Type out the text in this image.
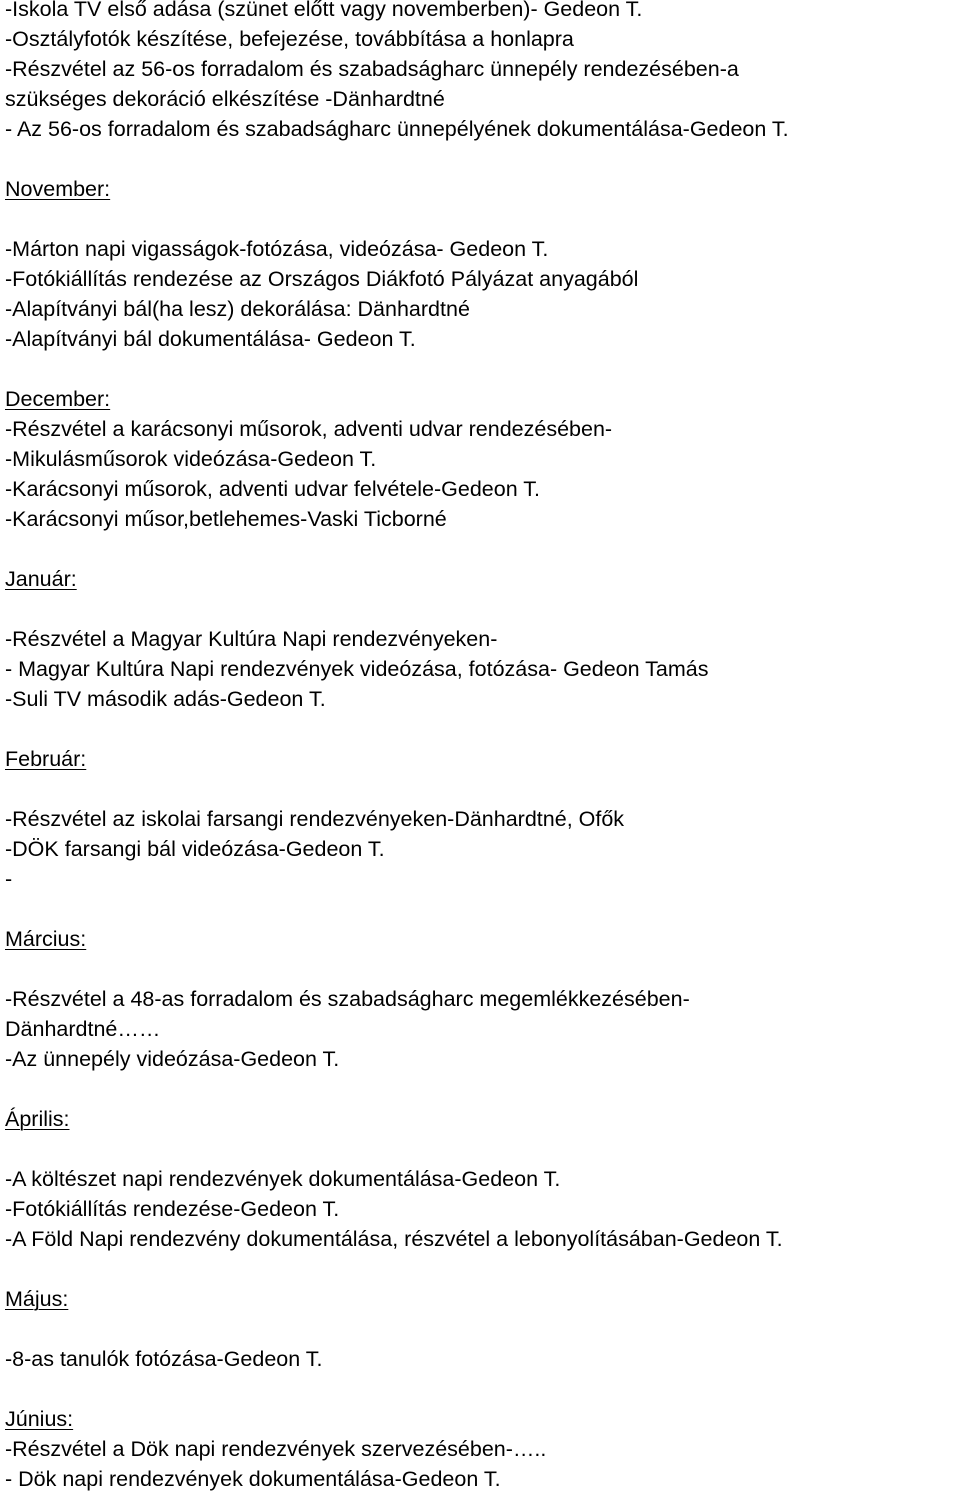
-Iskola TV első adása (szünet előtt vagy novemberben)- Gedeon T.
-Osztályfotók készítése, befejezése, továbbítása a honlapra
-Részvétel az 56-os forradalom és szabadságharc ünnepély rendezésében-a
szükséges dekoráció elkészítése -Dänhardtné
- Az 56-os forradalom és szabadságharc ünnepélyének dokumentálása-Gedeon T.
November:
-Márton napi vigasságok-fotózása, videózása- Gedeon T.
-Fotókiállítás rendezése az Országos Diákfotó Pályázat anyagából
-Alapítványi bál(ha lesz) dekorálása: Dänhardtné
-Alapítványi bál dokumentálása- Gedeon T.
December:
-Részvétel a karácsonyi műsorok, adventi udvar rendezésében-
-Mikulásműsorok videózása-Gedeon T.
-Karácsonyi műsorok, adventi udvar felvétele-Gedeon T.
-Karácsonyi műsor,betlehemes-Vaski Ticborné
Január:
-Részvétel a Magyar Kultúra Napi rendezvényeken-
- Magyar Kultúra Napi rendezvények videózása, fotózása- Gedeon Tamás
-Suli TV második adás-Gedeon T.
Február:
-Részvétel az iskolai farsangi rendezvényeken-Dänhardtné, Ofők
-DÖK farsangi bál videózása-Gedeon T.
-
Március:
-Részvétel a 48-as forradalom és szabadságharc megemlékkezésében-
Dänhardtné……
-Az ünnepély videózása-Gedeon T.
Április:
-A költészet napi rendezvények dokumentálása-Gedeon T.
-Fotókiállítás rendezése-Gedeon T.
-A Föld Napi rendezvény dokumentálása, részvétel a lebonyolításában-Gedeon T.
Május:
-8-as tanulók fotózása-Gedeon T.
Június:
-Részvétel a Dök napi rendezvények szervezésében-…..
- Dök napi rendezvények dokumentálása-Gedeon T.
